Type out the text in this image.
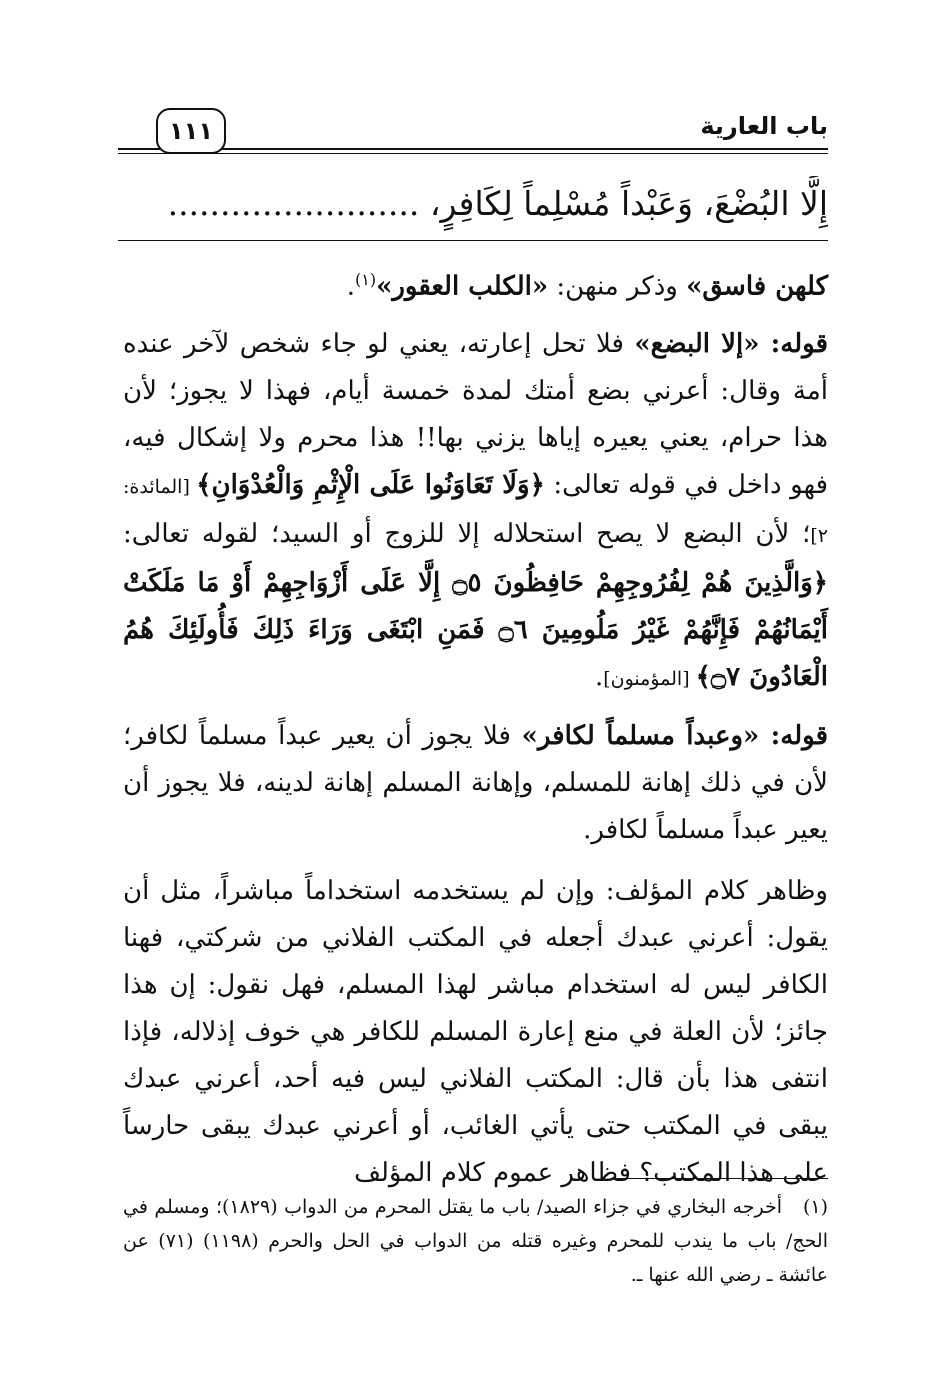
باب العارية
١١١
إِلَّا البُضْعَ، وَعَبْداً مُسْلِماً لِكَافِرٍ، ........................

كلهن فاسق» وذكر منهن: «الكلب العقور»$^{(١)}$.

قوله: «إلا البضع» فلا تحل إعارته، يعني لو جاء شخص لآخر عنده أمة وقال: أعرني بضع أمتك لمدة خمسة أيام، فهذا لا يجوز؛ لأن هذا حرام، يعني يعيره إياها يزني بها!! هذا محرم ولا إشكال فيه، فهو داخل في قوله تعالى: ﴿وَلَا تَعَاوَنُوا عَلَى الْإِثْمِ وَالْعُدْوَانِ﴾ [المائدة: ٢]؛ لأن البضع لا يصح استحلاله إلا للزوج أو السيد؛ لقوله تعالى: ﴿وَالَّذِينَ هُمْ لِفُرُوجِهِمْ حَافِظُونَ ۝٥ إِلَّا عَلَى أَزْوَاجِهِمْ أَوْ مَا مَلَكَتْ أَيْمَانُهُمْ فَإِنَّهُمْ غَيْرُ مَلُومِينَ ۝٦ فَمَنِ ابْتَغَى وَرَاءَ ذَلِكَ فَأُولَئِكَ هُمُ الْعَادُونَ ۝٧﴾ [المؤمنون].

قوله: «وعبداً مسلماً لكافر» فلا يجوز أن يعير عبداً مسلماً لكافر؛ لأن في ذلك إهانة للمسلم، وإهانة المسلم إهانة لدينه، فلا يجوز أن يعير عبداً مسلماً لكافر.

وظاهر كلام المؤلف: وإن لم يستخدمه استخداماً مباشراً، مثل أن يقول: أعرني عبدك أجعله في المكتب الفلاني من شركتي، فهنا الكافر ليس له استخدام مباشر لهذا المسلم، فهل نقول: إن هذا جائز؛ لأن العلة في منع إعارة المسلم للكافر هي خوف إذلاله، فإذا انتفى هذا بأن قال: المكتب الفلاني ليس فيه أحد، أعرني عبدك يبقى في المكتب حتى يأتي الغائب، أو أعرني عبدك يبقى حارساً على هذا المكتب؟ فظاهر عموم كلام المؤلف

(١)أخرجه البخاري في جزاء الصيد/ باب ما يقتل المحرم من الدواب (١٨٢٩)؛ ومسلم في الحج/ باب ما يندب للمحرم وغيره قتله من الدواب في الحل والحرم (١١٩٨) (٧١) عن عائشة ـ رضي الله عنها ـ.
